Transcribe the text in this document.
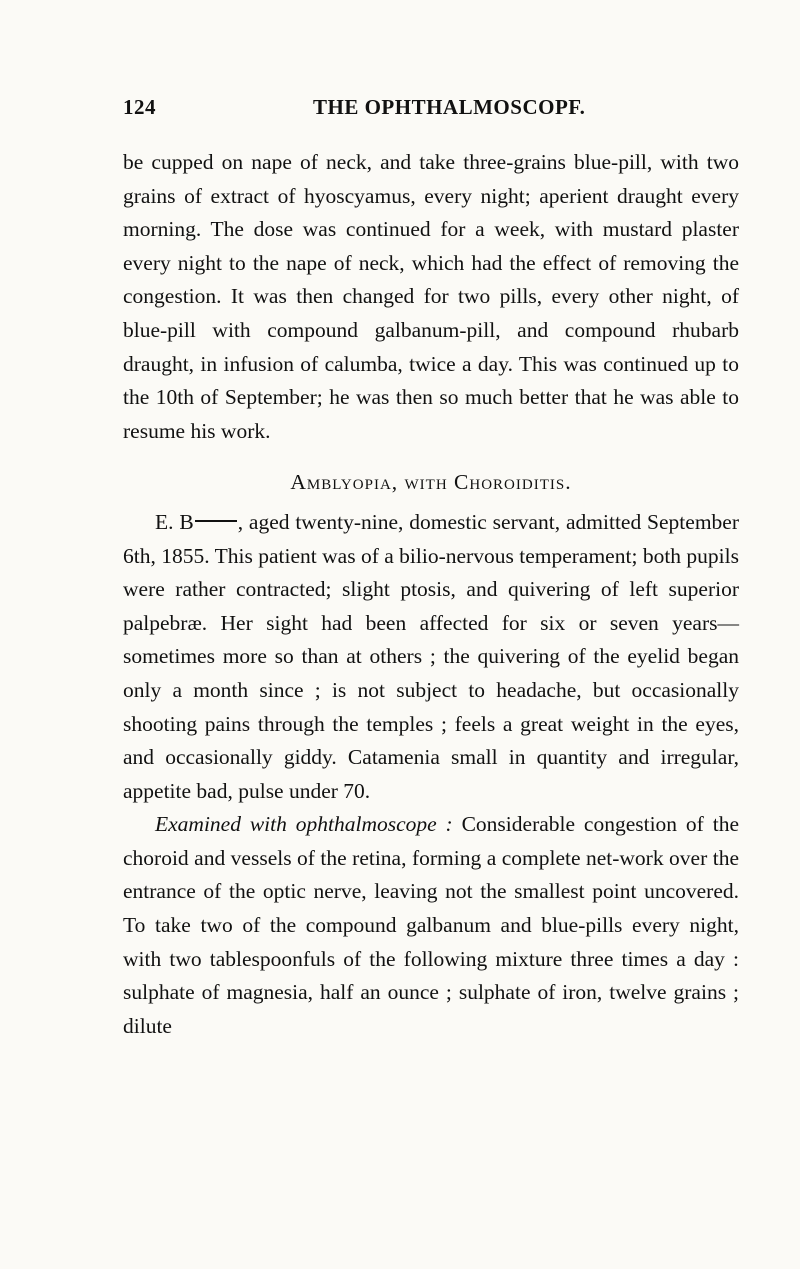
124	THE OPHTHALMOSCOPF.

be cupped on nape of neck, and take three-grains blue-pill, with two grains of extract of hyoscyamus, every night; aperient draught every morning. The dose was continued for a week, with mustard plaster every night to the nape of neck, which had the effect of removing the congestion. It was then changed for two pills, every other night, of blue-pill with compound galbanum-pill, and compound rhubarb draught, in infusion of calumba, twice a day. This was continued up to the 10th of September; he was then so much better that he was able to resume his work.

Amblyopia, with Choroiditis.

E. B , aged twenty-nine, domestic servant, admitted September 6th, 1855. This patient was of a bilio-nervous temperament; both pupils were rather contracted; slight ptosis, and quivering of left superior palpebræ. Her sight had been affected for six or seven years—sometimes more so than at others ; the quivering of the eyelid began only a month since ; is not subject to headache, but occasionally shooting pains through the temples ; feels a great weight in the eyes, and occasionally giddy. Catamenia small in quantity and irregular, appetite bad, pulse under 70.

Examined with ophthalmoscope : Considerable congestion of the choroid and vessels of the retina, forming a complete net-work over the entrance of the optic nerve, leaving not the smallest point uncovered. To take two of the compound galbanum and blue-pills every night, with two tablespoonfuls of the following mixture three times a day : sulphate of magnesia, half an ounce ; sulphate of iron, twelve grains ; dilute
